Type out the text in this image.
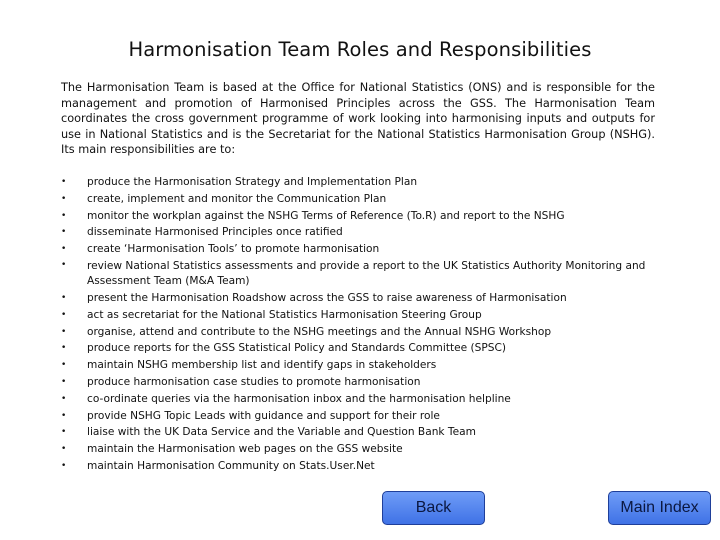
Harmonisation Team Roles and Responsibilities
The Harmonisation Team is based at the Office for National Statistics (ONS) and is responsible for the management and promotion of Harmonised Principles across the GSS. The Harmonisation Team coordinates the cross government programme of work looking into harmonising inputs and outputs for use in National Statistics and is the Secretariat for the National Statistics Harmonisation Group (NSHG). Its main responsibilities are to:
•	produce the Harmonisation Strategy and Implementation Plan
•	create, implement and monitor the Communication Plan
•	monitor the workplan against the NSHG Terms of Reference (To.R) and report to the NSHG
•	disseminate Harmonised Principles once ratified
•	create ‘Harmonisation Tools’ to promote harmonisation
•	review National Statistics assessments and provide a report to the UK Statistics Authority Monitoring and Assessment Team (M&A Team)
•	present the Harmonisation Roadshow across the GSS to raise awareness of Harmonisation
•	act as secretariat for the National Statistics Harmonisation Steering Group
•	organise, attend and contribute to the NSHG meetings and the Annual NSHG Workshop
•	produce reports for the GSS Statistical Policy and Standards Committee (SPSC)
•	maintain NSHG membership list and identify gaps in stakeholders
•	produce harmonisation case studies to promote harmonisation
•	co-ordinate queries via the harmonisation inbox and the harmonisation helpline
•	provide NSHG Topic Leads with guidance and support for their role
•	liaise with the UK Data Service and the Variable and Question Bank Team
•	maintain the Harmonisation web pages on the GSS website
•	maintain Harmonisation Community on Stats.User.Net
Back	Main Index
